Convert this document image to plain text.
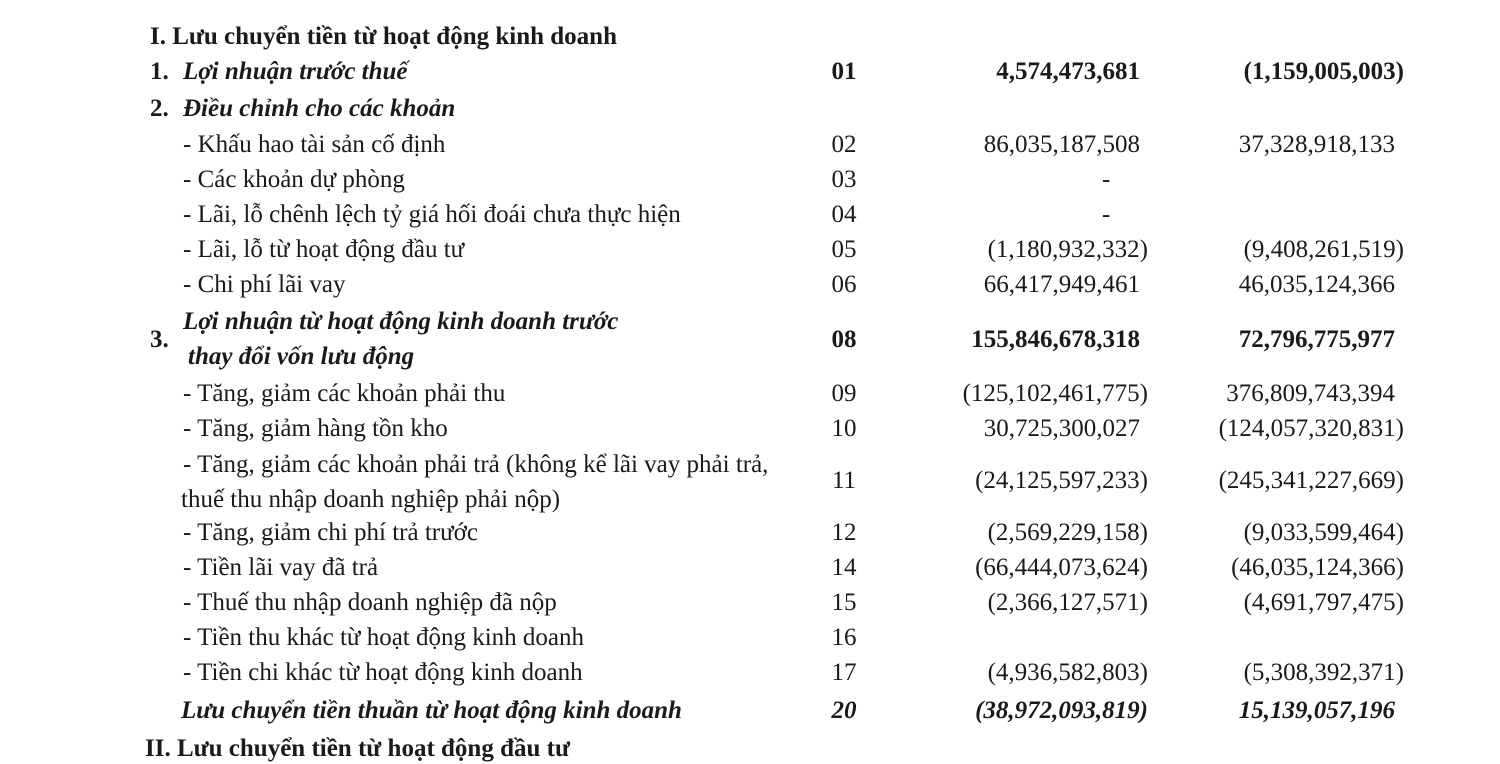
I. Lưu chuyển tiền từ hoạt động kinh doanh
1. Lợi nhuận trước thuế	01	4,574,473,681	(1,159,005,003)
2. Điều chỉnh cho các khoản
- Khấu hao tài sản cố định	02	86,035,187,508	37,328,918,133
- Các khoản dự phòng	03	-
- Lãi, lỗ chênh lệch tỷ giá hối đoái chưa thực hiện	04	-
- Lãi, lỗ từ hoạt động đầu tư	05	(1,180,932,332)	(9,408,261,519)
- Chi phí lãi vay	06	66,417,949,461	46,035,124,366
3.
Lợi nhuận từ hoạt động kinh doanh trước
thay đổi vốn lưu động
08	155,846,678,318	72,796,775,977
- Tăng, giảm các khoản phải thu	09	(125,102,461,775)	376,809,743,394
- Tăng, giảm hàng tồn kho	10	30,725,300,027	(124,057,320,831)
- Tăng, giảm các khoản phải trả (không kể lãi vay phải trả,
thuế thu nhập doanh nghiệp phải nộp)
11	(24,125,597,233)	(245,341,227,669)
- Tăng, giảm chi phí trả trước	12	(2,569,229,158)	(9,033,599,464)
- Tiền lãi vay đã trả	14	(66,444,073,624)	(46,035,124,366)
- Thuế thu nhập doanh nghiệp đã nộp	15	(2,366,127,571)	(4,691,797,475)
- Tiền thu khác từ hoạt động kinh doanh	16
- Tiền chi khác từ hoạt động kinh doanh	17	(4,936,582,803)	(5,308,392,371)
Lưu chuyển tiền thuần từ hoạt động kinh doanh	20	(38,972,093,819)	15,139,057,196
II. Lưu chuyển tiền từ hoạt động đầu tư
